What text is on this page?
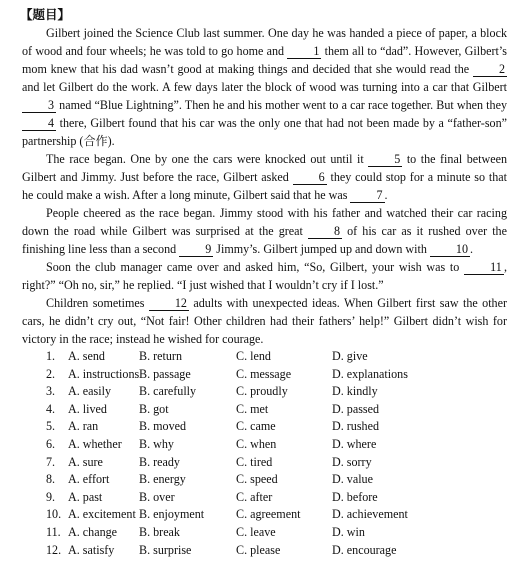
【题目】

Gilbert joined the Science Club last summer. One day he was handed a piece of paper, a block of wood and four wheels; he was told to go home and 1 them all to “dad”. However, Gilbert’s mom knew that his dad wasn’t good at making things and decided that she would read the 2 and let Gilbert do the work. A few days later the block of wood was turning into a car that Gilbert 3 named “Blue Lightning”. Then he and his mother went to a car race together. But when they 4 there, Gilbert found that his car was the only one that had not been made by a “father-son” partnership (合作).

The race began. One by one the cars were knocked out until it 5 to the final between Gilbert and Jimmy. Just before the race, Gilbert asked 6 they could stop for a minute so that he could make a wish. After a long minute, Gilbert said that he was 7 .

People cheered as the race began. Jimmy stood with his father and watched their car racing down the road while Gilbert was surprised at the great 8 of his car as it rushed over the finishing line less than a second 9 Jimmy’s. Gilbert jumped up and down with 10 .

Soon the club manager came over and asked him, “So, Gilbert, your wish was to 11 , right?” “Oh no, sir,” he replied. “I just wished that I wouldn’t cry if I lost.”

Children sometimes 12 adults with unexpected ideas. When Gilbert first saw the other cars, he didn’t cry out, “Not fair! Other children had their fathers’ help!” Gilbert didn’t wish for victory in the race; instead he wished for courage.

1.	A. send	B. return	C. lend	D. give
2.	A. instructions B. passage	C. message	D. explanations
3.	A. easily	B. carefully	C. proudly	D. kindly
4.	A. lived	B. got	C. met	D. passed
5.	A. ran	B. moved	C. came	D. rushed
6.	A. whether	B. why	C. when	D. where
7.	A. sure	B. ready	C. tired	D. sorry
8.	A. effort	B. energy	C. speed	D. value
9.	A. past	B. over	C. after	D. before
10. A. excitement B. enjoyment	C. agreement	D. achievement
11. A. change	B. break	C. leave	D. win
12. A. satisfy	B. surprise	C. please	D. encourage
